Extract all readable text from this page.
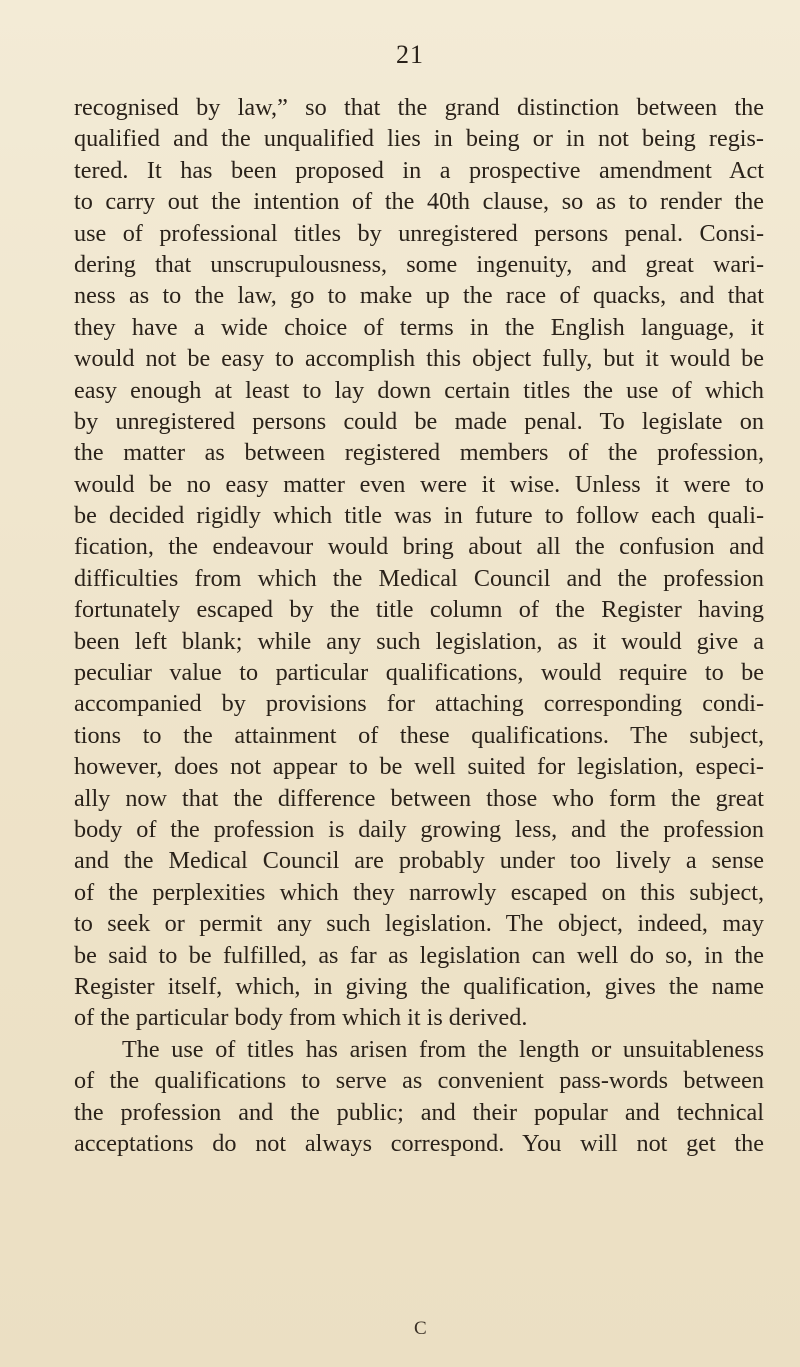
21
recognised by law,” so that the grand distinction between the
qualified and the unqualified lies in being or in not being regis-
tered. It has been proposed in a prospective amendment Act
to carry out the intention of the 40th clause, so as to render the
use of professional titles by unregistered persons penal. Consi-
dering that unscrupulousness, some ingenuity, and great wari-
ness as to the law, go to make up the race of quacks, and that
they have a wide choice of terms in the English language, it
would not be easy to accomplish this object fully, but it would be
easy enough at least to lay down certain titles the use of which
by unregistered persons could be made penal. To legislate on
the matter as between registered members of the profession,
would be no easy matter even were it wise. Unless it were to
be decided rigidly which title was in future to follow each quali-
fication, the endeavour would bring about all the confusion and
difficulties from which the Medical Council and the profession
fortunately escaped by the title column of the Register having
been left blank; while any such legislation, as it would give a
peculiar value to particular qualifications, would require to be
accompanied by provisions for attaching corresponding condi-
tions to the attainment of these qualifications. The subject,
however, does not appear to be well suited for legislation, especi-
ally now that the difference between those who form the great
body of the profession is daily growing less, and the profession
and the Medical Council are probably under too lively a sense
of the perplexities which they narrowly escaped on this subject,
to seek or permit any such legislation. The object, indeed, may
be said to be fulfilled, as far as legislation can well do so, in the
Register itself, which, in giving the qualification, gives the name
of the particular body from which it is derived.
The use of titles has arisen from the length or unsuitableness
of the qualifications to serve as convenient pass-words between
the profession and the public; and their popular and technical
acceptations do not always correspond. You will not get the
C
